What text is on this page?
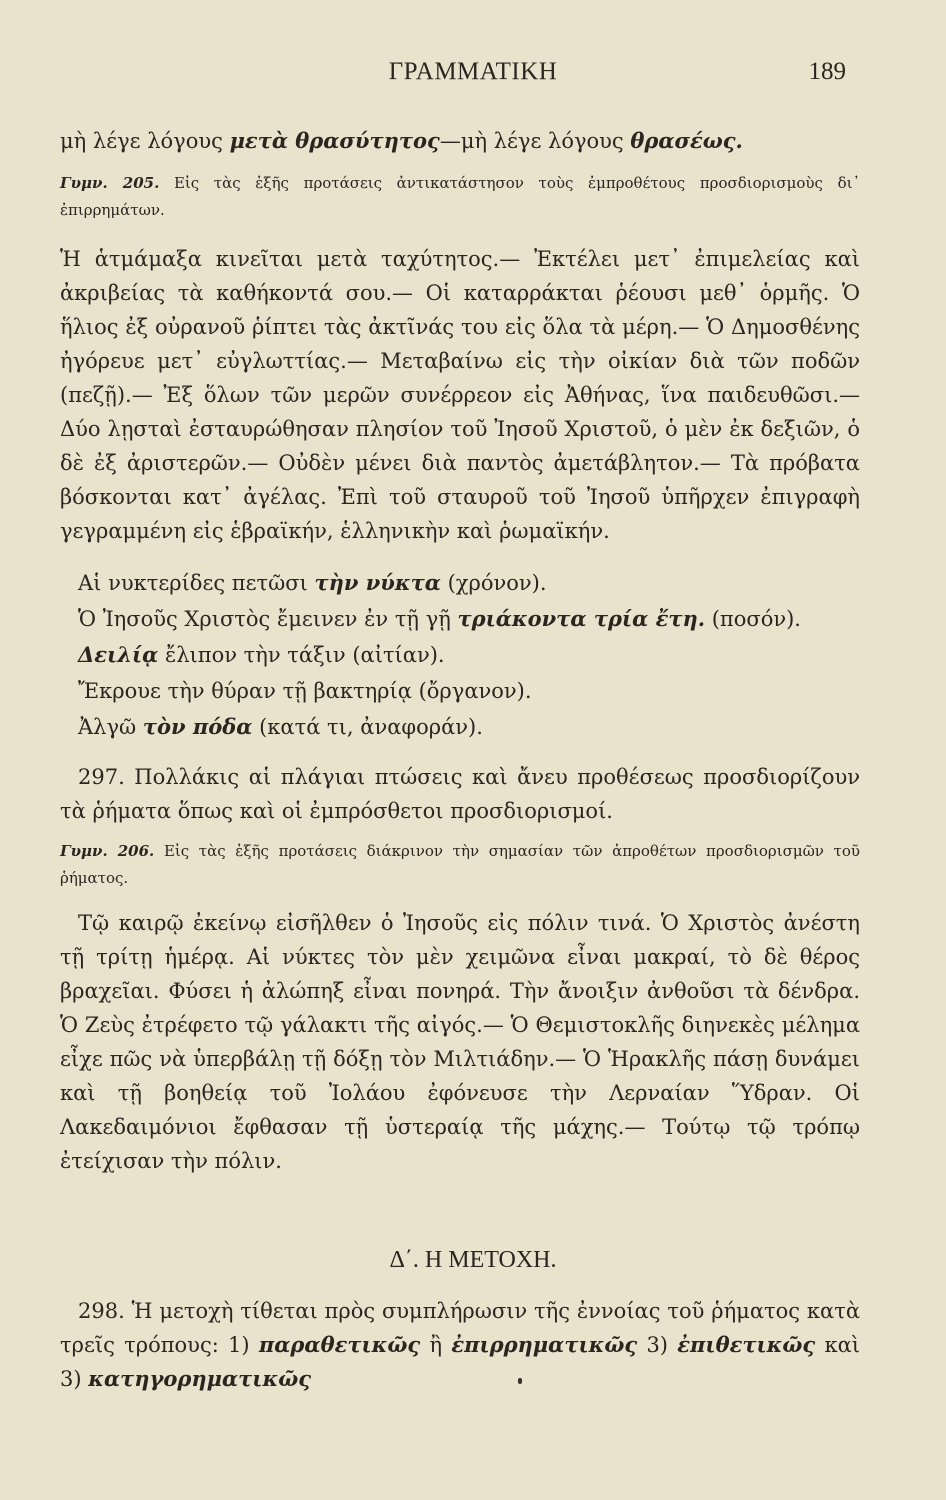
ΓΡΑΜΜΑΤΙΚΗ	189
μὴ λέγε λόγους μετὰ θρασύτητος—μὴ λέγε λόγους θρασέως.
Γυμν. 205. Εἰς τὰς ἑξῆς προτάσεις ἀντικατάστησον τοὺς ἐμπροθέτους προσδιορισμοὺς δι᾽ ἐπιρρημάτων.
Ἡ ἁτμάμαξα κινεῖται μετὰ ταχύτητος.— Ἐκτέλει μετ᾽ ἐπιμελείας καὶ ἀκριβείας τὰ καθήκοντά σου.— Οἱ καταρράκται ῥέουσι μεθ᾽ ὁρμῆς. Ὁ ἥλιος ἐξ οὐρανοῦ ῥίπτει τὰς ἀκτῖνάς του εἰς ὅλα τὰ μέρη.— Ὁ Δημοσθένης ἠγόρευε μετ᾽ εὐγλωττίας.— Μεταβαίνω εἰς τὴν οἰκίαν διὰ τῶν ποδῶν (πεζῇ).— Ἐξ ὅλων τῶν μερῶν συνέρρεον εἰς Ἀθήνας, ἵνα παιδευθῶσι.— Δύο λῃσταὶ ἐσταυρώθησαν πλησίον τοῦ Ἰησοῦ Χριστοῦ, ὁ μὲν ἐκ δεξιῶν, ὁ δὲ ἐξ ἀριστερῶν.— Οὐδὲν μένει διὰ παντὸς ἀμετάβλητον.— Τὰ πρόβατα βόσκονται κατ᾽ ἀγέλας. Ἐπὶ τοῦ σταυροῦ τοῦ Ἰησοῦ ὑπῆρχεν ἐπιγραφὴ γεγραμμένη εἰς ἑβραϊκήν, ἑλληνικὴν καὶ ῥωμαϊκήν.
Αἱ νυκτερίδες πετῶσι τὴν νύκτα (χρόνον).
Ὁ Ἰησοῦς Χριστὸς ἔμεινεν ἐν τῇ γῇ τριάκοντα τρία ἔτη. (ποσόν).
Δειλίᾳ ἔλιπον τὴν τάξιν (αἰτίαν).
Ἔκρουε τὴν θύραν τῇ βακτηρίᾳ (ὄργανον).
Ἀλγῶ τὸν πόδα (κατά τι, ἀναφοράν).
297. Πολλάκις αἱ πλάγιαι πτώσεις καὶ ἄνευ προθέσεως προσδιορίζουν τὰ ῥήματα ὅπως καὶ οἱ ἐμπρόσθετοι προσδιορισμοί.
Γυμν. 206. Εἰς τὰς ἑξῆς προτάσεις διάκρινον τὴν σημασίαν τῶν ἀπροθέτων προσδιορισμῶν τοῦ ῥήματος.
Τῷ καιρῷ ἐκείνῳ εἰσῆλθεν ὁ Ἰησοῦς εἰς πόλιν τινά. Ὁ Χριστὸς ἀνέστη τῇ τρίτῃ ἡμέρᾳ. Αἱ νύκτες τὸν μὲν χειμῶνα εἶναι μακραί, τὸ δὲ θέρος βραχεῖαι. Φύσει ἡ ἀλώπηξ εἶναι πονηρά. Τὴν ἄνοιξιν ἀνθοῦσι τὰ δένδρα. Ὁ Ζεὺς ἐτρέφετο τῷ γάλακτι τῆς αἰγός.— Ὁ Θεμιστοκλῆς διηνεκὲς μέλημα εἶχε πῶς νὰ ὑπερβάλῃ τῇ δόξῃ τὸν Μιλτιάδην.— Ὁ Ἡρακλῆς πάσῃ δυνάμει καὶ τῇ βοηθείᾳ τοῦ Ἰολάου ἐφόνευσε τὴν Λερναίαν Ὕδραν. Οἱ Λακεδαιμόνιοι ἔφθασαν τῇ ὑστεραίᾳ τῆς μάχης.— Τούτῳ τῷ τρόπῳ ἐτείχισαν τὴν πόλιν.
Δ΄. Η ΜΕΤΟΧΗ.
298. Ἡ μετοχὴ τίθεται πρὸς συμπλήρωσιν τῆς ἐννοίας τοῦ ῥήματος κατὰ τρεῖς τρόπους: 1) παραθετικῶς ἢ ἐπιρρηματικῶς 3) ἐπιθετικῶς καὶ 3) κατηγορηματικῶς
